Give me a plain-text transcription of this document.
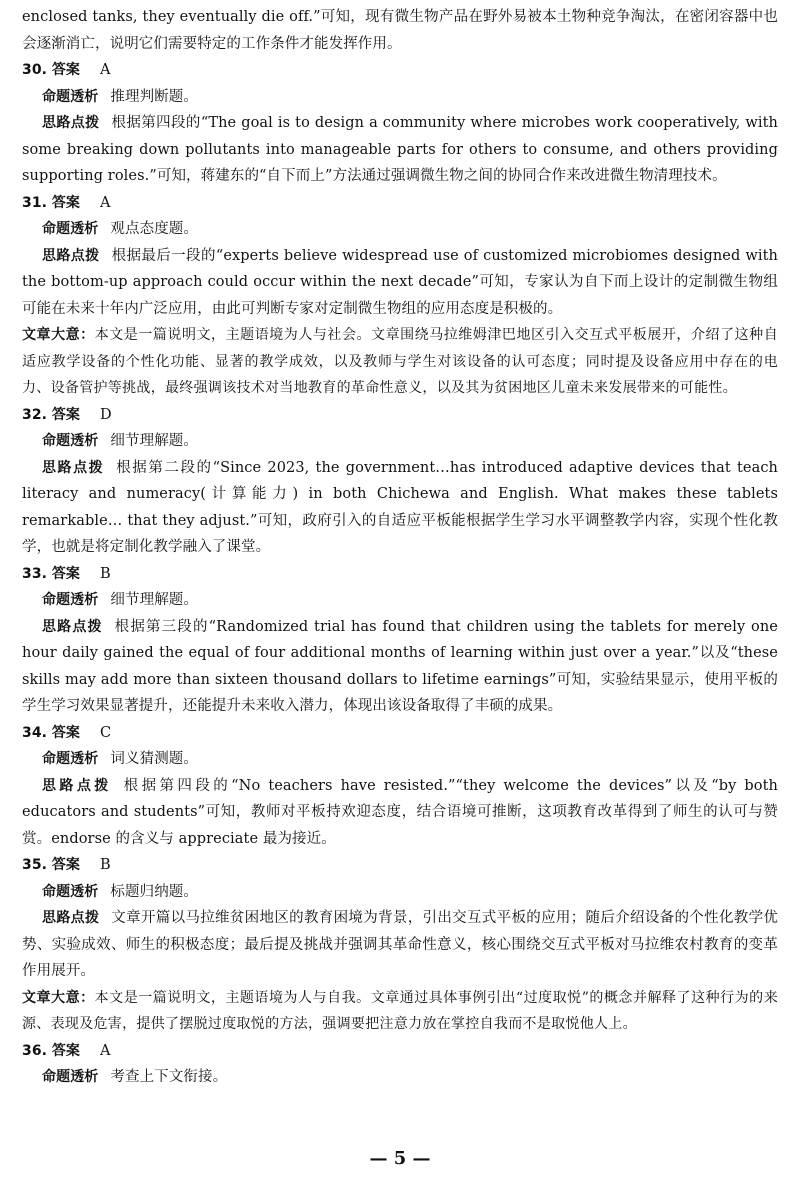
enclosed tanks, they eventually die off.”可知，现有微生物产品在野外易被本土物种竞争淘汰，在密闭容器中也会逐渐消亡，说明它们需要特定的工作条件才能发挥作用。

30. 答案 A

命题透析 推理判断题。

思路点拨 根据第四段的“The goal is to design a community where microbes work cooperatively, with some breaking down pollutants into manageable parts for others to consume, and others providing supporting roles.”可知，蒋建东的“自下而上”方法通过强调微生物之间的协同合作来改进微生物清理技术。

31. 答案 A

命题透析 观点态度题。

思路点拨 根据最后一段的“experts believe widespread use of customized microbiomes designed with the bottom-up approach could occur within the next decade”可知，专家认为自下而上设计的定制微生物组可能在未来十年内广泛应用，由此可判断专家对定制微生物组的应用态度是积极的。

文章大意：本文是一篇说明文，主题语境为人与社会。文章围绕马拉维姆津巴地区引入交互式平板展开，介绍了这种自适应教学设备的个性化功能、显著的教学成效，以及教师与学生对该设备的认可态度；同时提及设备应用中存在的电力、设备管护等挑战，最终强调该技术对当地教育的革命性意义，以及其为贫困地区儿童未来发展带来的可能性。

32. 答案 D

命题透析 细节理解题。

思路点拨 根据第二段的“Since 2023, the government…has introduced adaptive devices that teach literacy and numeracy(计算能力) in both Chichewa and English. What makes these tablets remarkable… that they adjust.”可知，政府引入的自适应平板能根据学生学习水平调整教学内容，实现个性化教学，也就是将定制化教学融入了课堂。

33. 答案 B

命题透析 细节理解题。

思路点拨 根据第三段的“Randomized trial has found that children using the tablets for merely one hour daily gained the equal of four additional months of learning within just over a year.”以及“these skills may add more than sixteen thousand dollars to lifetime earnings”可知，实验结果显示，使用平板的学生学习效果显著提升，还能提升未来收入潜力，体现出该设备取得了丰硕的成果。

34. 答案 C

命题透析 词义猜测题。

思路点拨 根据第四段的“No teachers have resisted.”“they welcome the devices”以及“by both educators and students”可知，教师对平板持欢迎态度，结合语境可推断，这项教育改革得到了师生的认可与赞赏。endorse 的含义与 appreciate 最为接近。

35. 答案 B

命题透析 标题归纳题。

思路点拨 文章开篇以马拉维贫困地区的教育困境为背景，引出交互式平板的应用；随后介绍设备的个性化教学优势、实验成效、师生的积极态度；最后提及挑战并强调其革命性意义，核心围绕交互式平板对马拉维农村教育的变革作用展开。

文章大意：本文是一篇说明文，主题语境为人与自我。文章通过具体事例引出“过度取悦”的概念并解释了这种行为的来源、表现及危害，提供了摆脱过度取悦的方法，强调要把注意力放在掌控自我而不是取悦他人上。

36. 答案 A

命题透析 考查上下文衔接。

— 5 —
